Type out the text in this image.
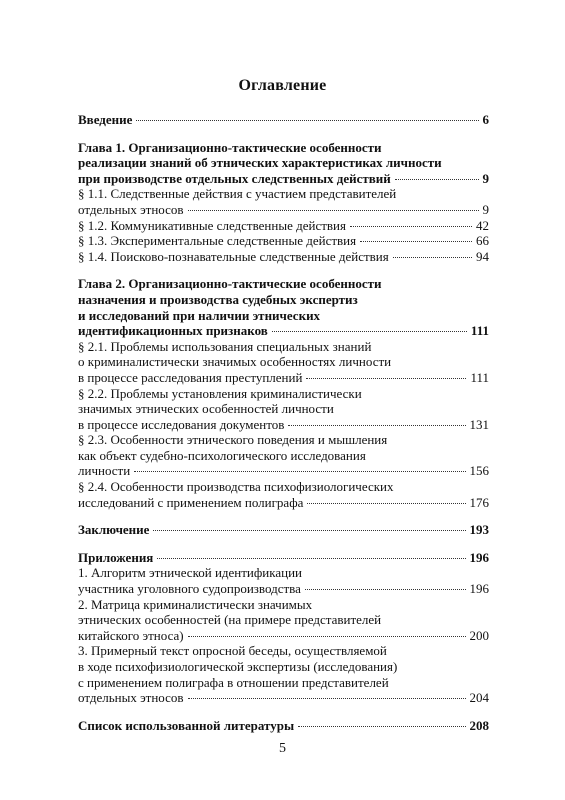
Оглавление
Введение	6
Глава 1. Организационно-тактические особенности
реализации знаний об этнических характеристиках личности
при производстве отдельных следственных действий	9
§ 1.1. Следственные действия с участием представителей
отдельных этносов	9
§ 1.2. Коммуникативные следственные действия	42
§ 1.3. Экспериментальные следственные действия	66
§ 1.4. Поисково-познавательные следственные действия	94
Глава 2. Организационно-тактические особенности
назначения и производства судебных экспертиз
и исследований при наличии этнических
идентификационных признаков	111
§ 2.1. Проблемы использования специальных знаний
о криминалистически значимых особенностях личности
в процессе расследования преступлений	111
§ 2.2. Проблемы установления криминалистически
значимых этнических особенностей личности
в процессе исследования документов	131
§ 2.3. Особенности этнического поведения и мышления
как объект судебно-психологического исследования
личности	156
§ 2.4. Особенности производства психофизиологических
исследований с применением полиграфа	176
Заключение	193
Приложения	196
1. Алгоритм этнической идентификации
участника уголовного судопроизводства	196
2. Матрица криминалистически значимых
этнических особенностей (на примере представителей
китайского этноса)	200
3. Примерный текст опросной беседы, осуществляемой
в ходе психофизиологической экспертизы (исследования)
с применением полиграфа в отношении представителей
отдельных этносов	204
Список использованной литературы	208
5
